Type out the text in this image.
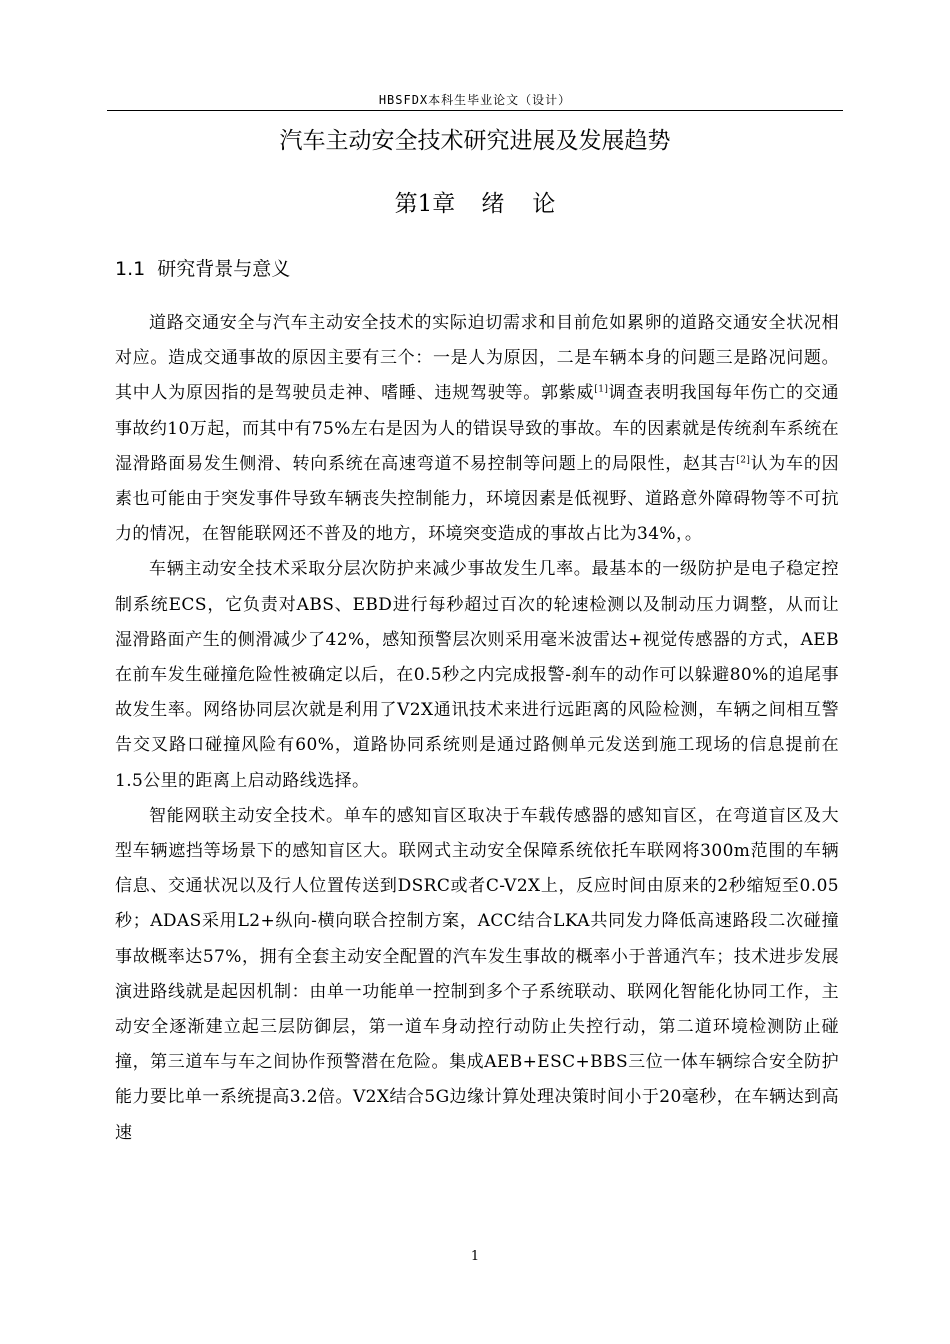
HBSFDX本科生毕业论文（设计）
汽车主动安全技术研究进展及发展趋势
第1章 绪 论
1.1 研究背景与意义

道路交通安全与汽车主动安全技术的实际迫切需求和目前危如累卵的道路交通安全状况相对应。造成交通事故的原因主要有三个：一是人为原因，二是车辆本身的问题三是路况问题。其中人为原因指的是驾驶员走神、嗜睡、违规驾驶等。郭紫威[1]调查表明我国每年伤亡的交通事故约10万起，而其中有75%左右是因为人的错误导致的事故。车的因素就是传统刹车系统在湿滑路面易发生侧滑、转向系统在高速弯道不易控制等问题上的局限性，赵其吉[2]认为车的因素也可能由于突发事件导致车辆丧失控制能力，环境因素是低视野、道路意外障碍物等不可抗力的情况，在智能联网还不普及的地方，环境突变造成的事故占比为34%，。

车辆主动安全技术采取分层次防护来减少事故发生几率。最基本的一级防护是电子稳定控制系统ECS，它负责对ABS、EBD进行每秒超过百次的轮速检测以及制动压力调整，从而让湿滑路面产生的侧滑减少了42%，感知预警层次则采用毫米波雷达+视觉传感器的方式，AEB在前车发生碰撞危险性被确定以后，在0.5秒之内完成报警-刹车的动作可以躲避80%的追尾事故发生率。网络协同层次就是利用了V2X通讯技术来进行远距离的风险检测，车辆之间相互警告交叉路口碰撞风险有60%，道路协同系统则是通过路侧单元发送到施工现场的信息提前在1.5公里的距离上启动路线选择。

智能网联主动安全技术。单车的感知盲区取决于车载传感器的感知盲区，在弯道盲区及大型车辆遮挡等场景下的感知盲区大。联网式主动安全保障系统依托车联网将300m范围的车辆信息、交通状况以及行人位置传送到DSRC或者C-V2X上，反应时间由原来的2秒缩短至0.05秒；ADAS采用L2+纵向-横向联合控制方案，ACC结合LKA共同发力降低高速路段二次碰撞事故概率达57%，拥有全套主动安全配置的汽车发生事故的概率小于普通汽车；技术进步发展演进路线就是起因机制：由单一功能单一控制到多个子系统联动、联网化智能化协同工作，主动安全逐渐建立起三层防御层，第一道车身动控行动防止失控行动，第二道环境检测防止碰撞，第三道车与车之间协作预警潜在危险。集成AEB+ESC+BBS三位一体车辆综合安全防护能力要比单一系统提高3.2倍。V2X结合5G边缘计算处理决策时间小于20毫秒，在车辆达到高速

1
